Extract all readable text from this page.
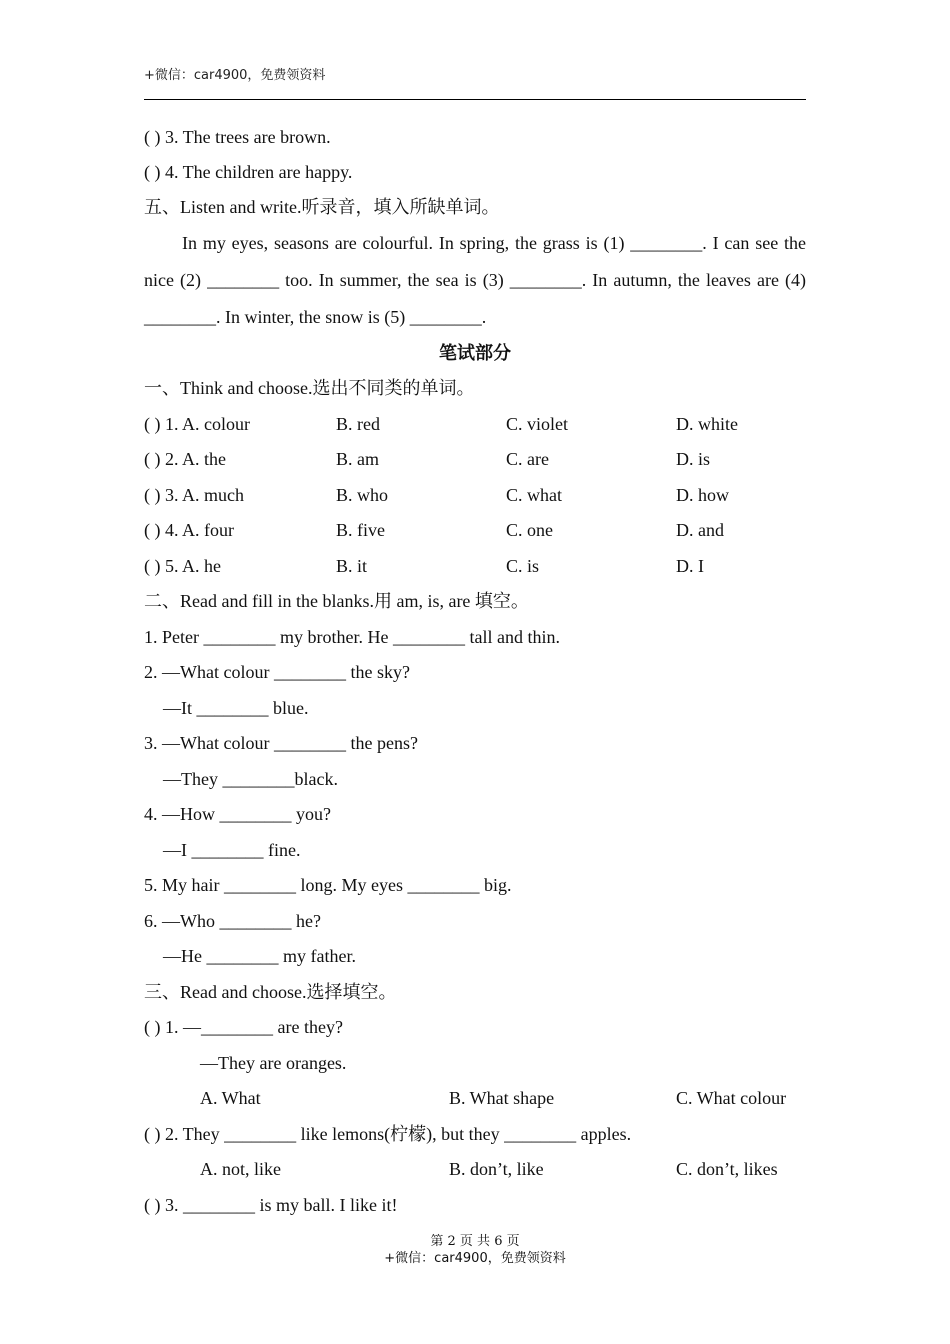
+微信：car4900，免费领资料
( ) 3. The trees are brown.
( ) 4. The children are happy.
五、Listen and write.听录音，填入所缺单词。
In my eyes, seasons are colourful. In spring, the grass is (1) ________. I can see the nice (2) ________ too. In summer, the sea is (3) ________. In autumn, the leaves are (4) ________. In winter, the snow is (5) ________.
笔试部分
一、Think and choose.选出不同类的单词。
( ) 1. A. colour	B. red	C. violet	D. white
( ) 2. A. the	B. am	C. are	D. is
( ) 3. A. much	B. who	C. what	D. how
( ) 4. A. four	B. five	C. one	D. and
( ) 5. A. he	B. it	C. is	D. I
二、Read and fill in the blanks.用 am, is, are 填空。
1. Peter ________ my brother. He ________ tall and thin.
2. —What colour ________ the sky?
—It ________ blue.
3. —What colour ________ the pens?
—They ________black.
4. —How ________ you?
—I ________ fine.
5. My hair ________ long. My eyes ________ big.
6. —Who ________ he?
—He ________ my father.
三、Read and choose.选择填空。
( ) 1. —________ are they?
—They are oranges.
A. What	B. What shape	C. What colour
( ) 2. They ________ like lemons(柠檬), but they ________ apples.
A. not, like	B. don’t, like	C. don’t, likes
( ) 3. ________ is my ball. I like it!
第 2 页 共 6 页
+微信：car4900，免费领资料
